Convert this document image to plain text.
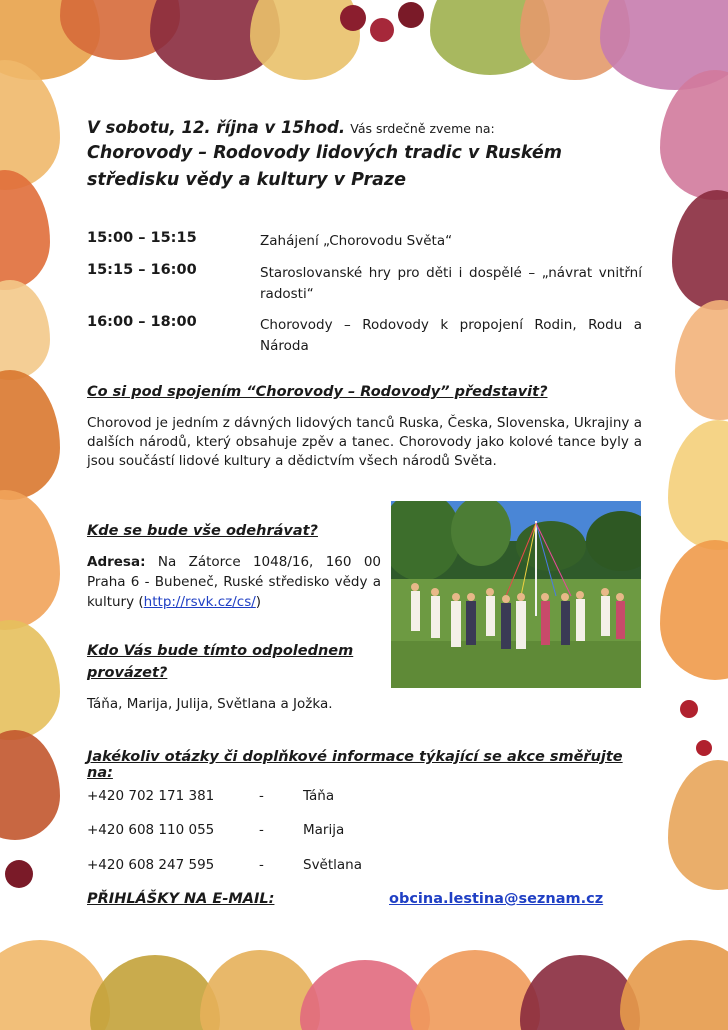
V sobotu, 12. října v 15hod. Vás srdečně zveme na:
Chorovody – Rodovody lidových tradic v Ruském
středisku vědy a kultury v Praze
15:00 – 15:15	Zahájení „Chorovodu Světa“
15:15 – 16:00	Staroslovanské hry pro děti i dospělé – „návrat vnitřní radosti“
16:00 – 18:00	Chorovody – Rodovody k propojení Rodin, Rodu a Národa
Co si pod spojením “Chorovody – Rodovody” představit?
Chorovod je jedním z dávných lidových tanců Ruska, Česka, Slovenska, Ukrajiny a dalších národů, který obsahuje zpěv a tanec. Chorovody jako kolové tance byly a jsou součástí lidové kultury a dědictvím všech národů Světa.
Kde se bude vše odehrávat?
Adresa: Na Zátorce 1048/16, 160 00 Praha 6 - Bubeneč, Ruské středisko vědy a kultury (http://rsvk.cz/cs/)
Kdo Vás bude tímto odpolednem provázet?
Táňa, Marija, Julija, Světlana a Jožka.
Jakékoliv otázky či doplňkové informace týkající se akce směřujte na:
+420 702 171 381	-	Táňa
+420 608 110 055	-	Marija
+420 608 247 595	-	Světlana
PŘIHLÁŠKY NA E-MAIL:	obcina.lestina@seznam.cz
